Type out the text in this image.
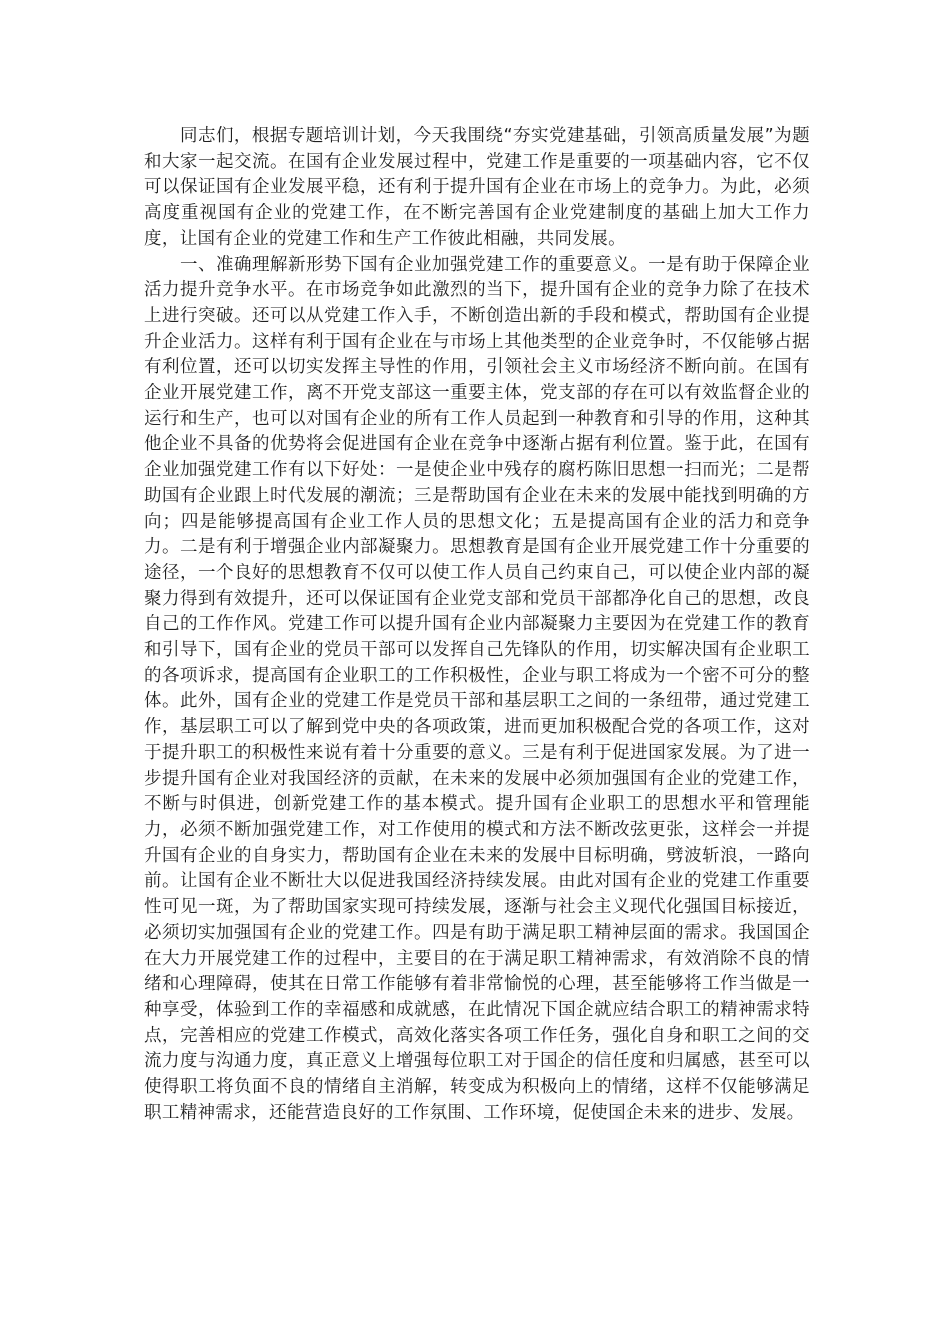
同志们，根据专题培训计划，今天我围绕“夯实党建基础，引领高质量发展”为题和大家一起交流。在国有企业发展过程中，党建工作是重要的一项基础内容，它不仅可以保证国有企业发展平稳，还有利于提升国有企业在市场上的竞争力。为此，必须高度重视国有企业的党建工作，在不断完善国有企业党建制度的基础上加大工作力度，让国有企业的党建工作和生产工作彼此相融，共同发展。

一、准确理解新形势下国有企业加强党建工作的重要意义。一是有助于保障企业活力提升竞争水平。在市场竞争如此激烈的当下，提升国有企业的竞争力除了在技术上进行突破。还可以从党建工作入手，不断创造出新的手段和模式，帮助国有企业提升企业活力。这样有利于国有企业在与市场上其他类型的企业竞争时，不仅能够占据有利位置，还可以切实发挥主导性的作用，引领社会主义市场经济不断向前。在国有企业开展党建工作，离不开党支部这一重要主体，党支部的存在可以有效监督企业的运行和生产，也可以对国有企业的所有工作人员起到一种教育和引导的作用，这种其他企业不具备的优势将会促进国有企业在竞争中逐渐占据有利位置。鉴于此，在国有企业加强党建工作有以下好处：一是使企业中残存的腐朽陈旧思想一扫而光；二是帮助国有企业跟上时代发展的潮流；三是帮助国有企业在未来的发展中能找到明确的方向；四是能够提高国有企业工作人员的思想文化；五是提高国有企业的活力和竞争力。二是有利于增强企业内部凝聚力。思想教育是国有企业开展党建工作十分重要的途径，一个良好的思想教育不仅可以使工作人员自己约束自己，可以使企业内部的凝聚力得到有效提升，还可以保证国有企业党支部和党员干部都净化自己的思想，改良自己的工作作风。党建工作可以提升国有企业内部凝聚力主要因为在党建工作的教育和引导下，国有企业的党员干部可以发挥自己先锋队的作用，切实解决国有企业职工的各项诉求，提高国有企业职工的工作积极性，企业与职工将成为一个密不可分的整体。此外，国有企业的党建工作是党员干部和基层职工之间的一条纽带，通过党建工作，基层职工可以了解到党中央的各项政策，进而更加积极配合党的各项工作，这对于提升职工的积极性来说有着十分重要的意义。三是有利于促进国家发展。为了进一步提升国有企业对我国经济的贡献，在未来的发展中必须加强国有企业的党建工作，不断与时俱进，创新党建工作的基本模式。提升国有企业职工的思想水平和管理能力，必须不断加强党建工作，对工作使用的模式和方法不断改弦更张，这样会一并提升国有企业的自身实力，帮助国有企业在未来的发展中目标明确，劈波斩浪，一路向前。让国有企业不断壮大以促进我国经济持续发展。由此对国有企业的党建工作重要性可见一斑，为了帮助国家实现可持续发展，逐渐与社会主义现代化强国目标接近，必须切实加强国有企业的党建工作。四是有助于满足职工精神层面的需求。我国国企在大力开展党建工作的过程中，主要目的在于满足职工精神需求，有效消除不良的情绪和心理障碍，使其在日常工作能够有着非常愉悦的心理，甚至能够将工作当做是一种享受，体验到工作的幸福感和成就感，在此情况下国企就应结合职工的精神需求特点，完善相应的党建工作模式，高效化落实各项工作任务，强化自身和职工之间的交流力度与沟通力度，真正意义上增强每位职工对于国企的信任度和归属感，甚至可以使得职工将负面不良的情绪自主消解，转变成为积极向上的情绪，这样不仅能够满足职工精神需求，还能营造良好的工作氛围、工作环境，促使国企未来的进步、发展。
